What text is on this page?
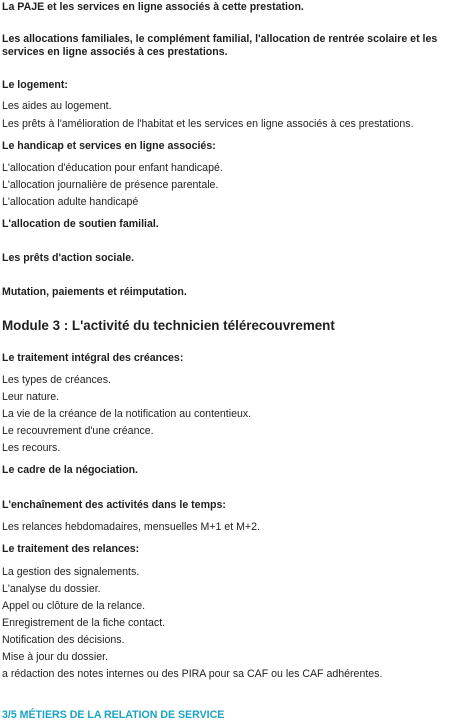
La PAJE et les services en ligne associés à cette prestation.
Les allocations familiales, le complément familial, l'allocation de rentrée scolaire et les services en ligne associés à ces prestations.
Le logement:
Les aides au logement.
Les prêts à l'amélioration de l'habitat et les services en ligne associés à ces prestations.
Le handicap et services en ligne associés:
L'allocation d'éducation pour enfant handicapé.
L'allocation journalière de présence parentale.
L'allocation adulte handicapé
L'allocation de soutien familial.
Les prêts d'action sociale.
Mutation, paiements et réimputation.
Module 3 : L'activité du technicien télérecouvrement
Le traitement intégral des créances:
Les types de créances.
Leur nature.
La vie de la créance de la notification au contentieux.
Le recouvrement d'une créance.
Les recours.
Le cadre de la négociation.
L'enchaînement des activités dans le temps:
Les relances hebdomadaires, mensuelles M+1 et M+2.
Le traitement des relances:
La gestion des signalements.
L'analyse du dossier.
Appel ou clôture de la relance.
Enregistrement de la fiche contact.
Notification des décisions.
Mise à jour du dossier.
a rédaction des notes internes ou des PIRA pour sa CAF ou les CAF adhérentes.
3/5 MÉTIERS DE LA RELATION DE SERVICE
